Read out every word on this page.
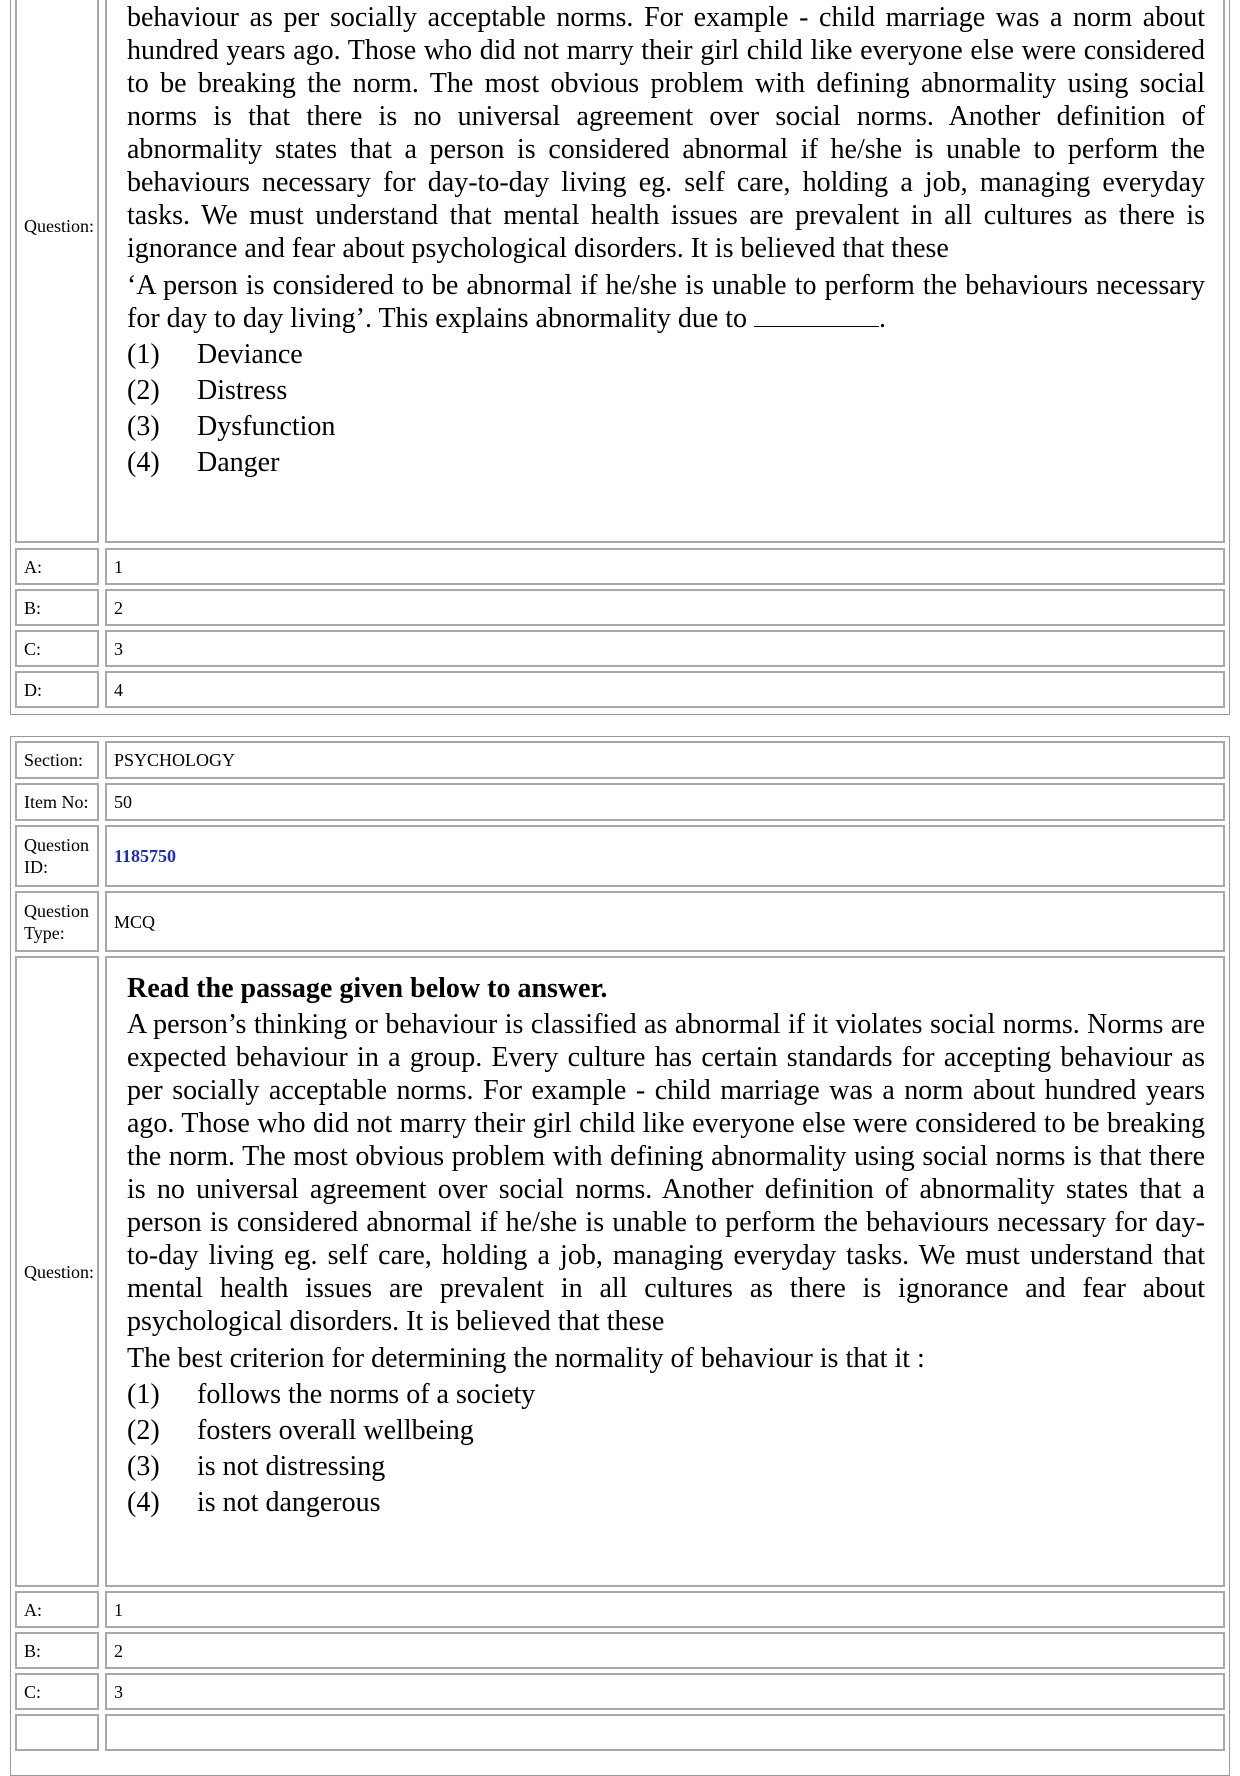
Question:

behaviour as per socially acceptable norms. For example - child marriage was a norm about hundred years ago. Those who did not marry their girl child like everyone else were considered to be breaking the norm. The most obvious problem with defining abnormality using social norms is that there is no universal agreement over social norms. Another definition of abnormality states that a person is considered abnormal if he/she is unable to perform the behaviours necessary for day-to-day living eg. self care, holding a job, managing everyday tasks. We must understand that mental health issues are prevalent in all cultures as there is ignorance and fear about psychological disorders. It is believed that these

‘A person is considered to be abnormal if he/she is unable to perform the behaviours necessary for day to day living’. This explains abnormality due to	.

(1) Deviance
(2) Distress
(3) Dysfunction
(4) Danger
A:	1
B:	2
C:	3
D:	4
Section:	PSYCHOLOGY
Item No:	50
Question ID:
1185750
Question Type:
MCQ
Question:

Read the passage given below to answer.

A person’s thinking or behaviour is classified as abnormal if it violates social norms. Norms are expected behaviour in a group. Every culture has certain standards for accepting behaviour as per socially acceptable norms. For example - child marriage was a norm about hundred years ago. Those who did not marry their girl child like everyone else were considered to be breaking the norm. The most obvious problem with defining abnormality using social norms is that there is no universal agreement over social norms. Another definition of abnormality states that a person is considered abnormal if he/she is unable to perform the behaviours necessary for day-to-day living eg. self care, holding a job, managing everyday tasks. We must understand that mental health issues are prevalent in all cultures as there is ignorance and fear about psychological disorders. It is believed that these

The best criterion for determining the normality of behaviour is that it :

(1) follows the norms of a society
(2) fosters overall wellbeing
(3) is not distressing
(4) is not dangerous
A:	1
B:	2
C:	3
